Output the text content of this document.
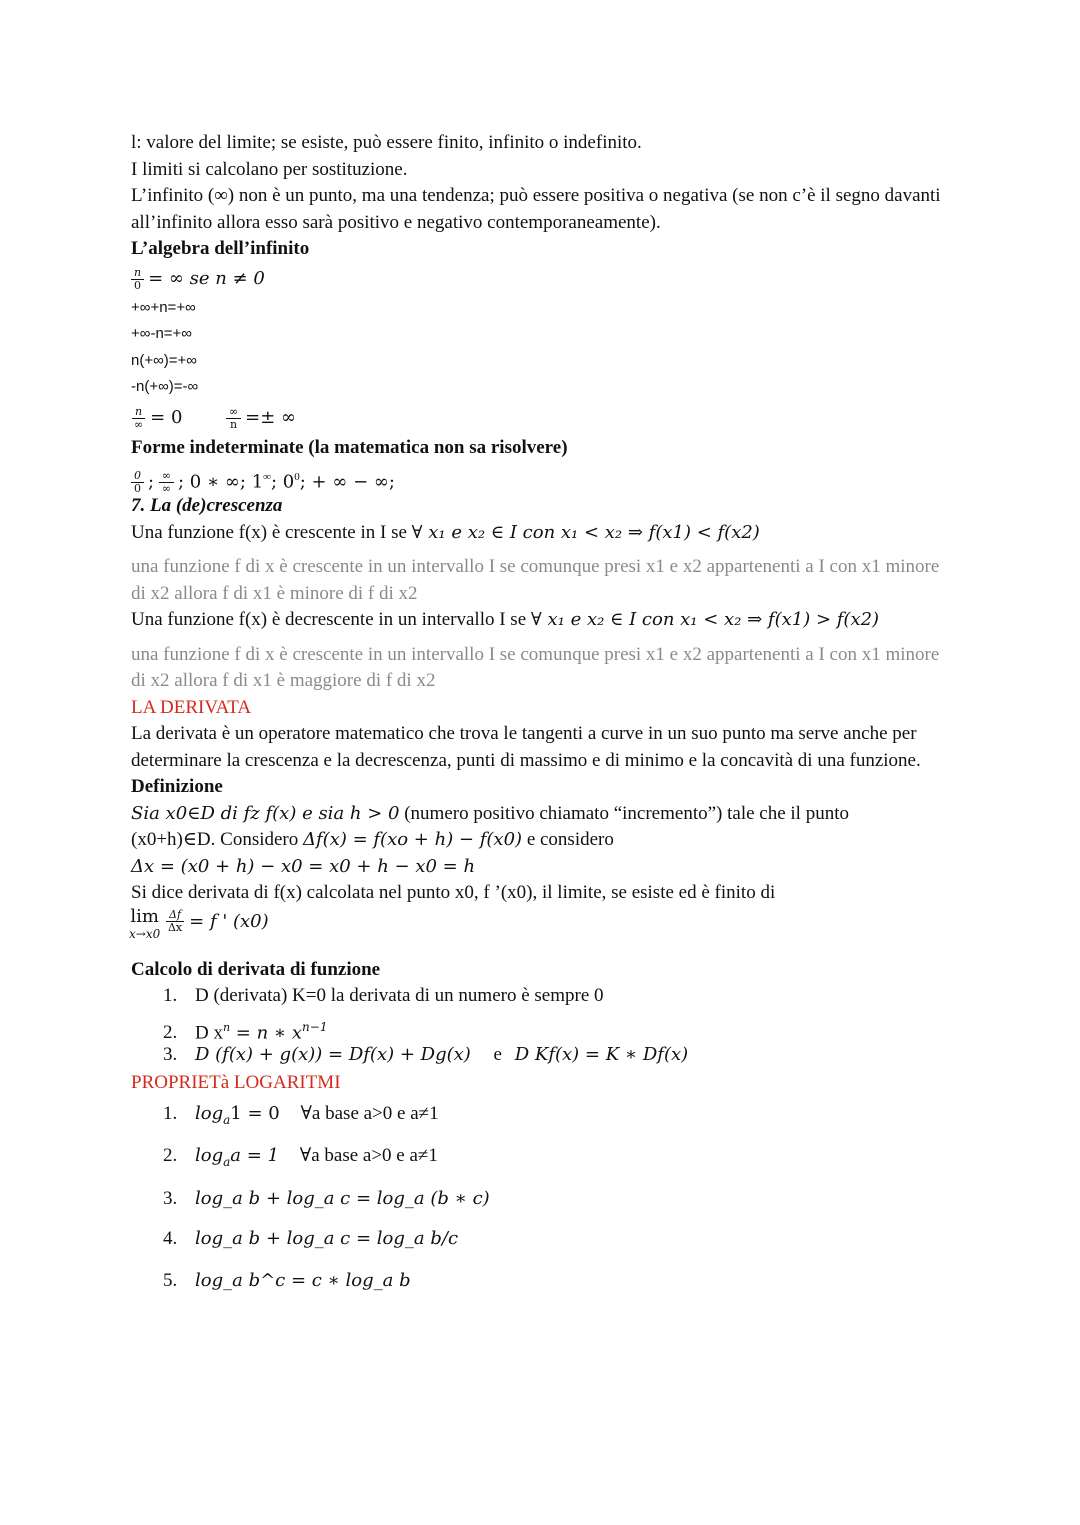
l: valore del limite; se esiste, può essere finito, infinito o indefinito.
I limiti si calcolano per sostituzione.
L’infinito (∞) non è un punto, ma una tendenza; può essere positiva o negativa (se non c’è il segno davanti all’infinito allora esso sarà positivo e negativo contemporaneamente).
L’algebra dell’infinito
$\frac{n}{0}$ = ∞ se n ≠ 0
+∞+n=+∞
+∞-n=+∞
n(+∞)=+∞
-n(+∞)=-∞
$\frac{n}{\infty} = 0$	$\frac{\infty}{n}$ =± ∞
Forme indeterminate (la matematica non sa risolvere)
$\frac{0}{0}$ ; $\frac{\infty}{\infty}$ ; 0 ∗ ∞; 1∞; $0^0$; + ∞ − ∞;
7. La (de)crescenza
Una funzione f(x) è crescente in I se ∀ x₁ e x₂ ∈ I con x₁ < x₂ ⇒ f(x1) < f(x2)
una funzione f di x è crescente in un intervallo I se comunque presi x1 e x2 appartenenti a I con x1 minore di x2 allora f di x1 è minore di f di x2
Una funzione f(x) è decrescente in un intervallo I se ∀ x₁ e x₂ ∈ I con x₁ < x₂ ⇒ f(x1) > f(x2)
una funzione f di x è crescente in un intervallo I se comunque presi x1 e x2 appartenenti a I con x1 minore di x2 allora f di x1 è maggiore di f di x2
LA DERIVATA
La derivata è un operatore matematico che trova le tangenti a curve in un suo punto ma serve anche per determinare la crescenza e la decrescenza, punti di massimo e di minimo e la concavità di una funzione.
Definizione
Sia x0∈D di fz f(x) e sia h > 0 (numero positivo chiamato “incremento”) tale che il punto
(x0+h)∈D. Considero Δf(x) = f(xo + h) − f(x0) e considero
Δx = (x0 + h) − x0 = x0 + h − x0 = h
Si dice derivata di f(x) calcolata nel punto x0, f ’(x0), il limite, se esiste ed è finito di
lim
x→x0
$\frac{\Delta f}{\Delta x} = f$ ' (x0)
Calcolo di derivata di funzione
1. D (derivata) K=0 la derivata di un numero è sempre 0
2. D $x^n = n$ ∗ $x^{n-1}$
3. D (f(x) + g(x)) = Df(x) + Dg(x) e D Kf(x) = K ∗ Df(x)
PROPRIETà LOGARITMI
1. $\log_a1 = 0$ ∀a base a>0 e a≠1
2. $\log_aa = 1$ ∀a base a>0 e a≠1
3. log_a b + log_a c = log_a (b ∗ c)
4. log_a b + log_a c = log_a b/c
5. log_a b^c = c ∗ log_a b
